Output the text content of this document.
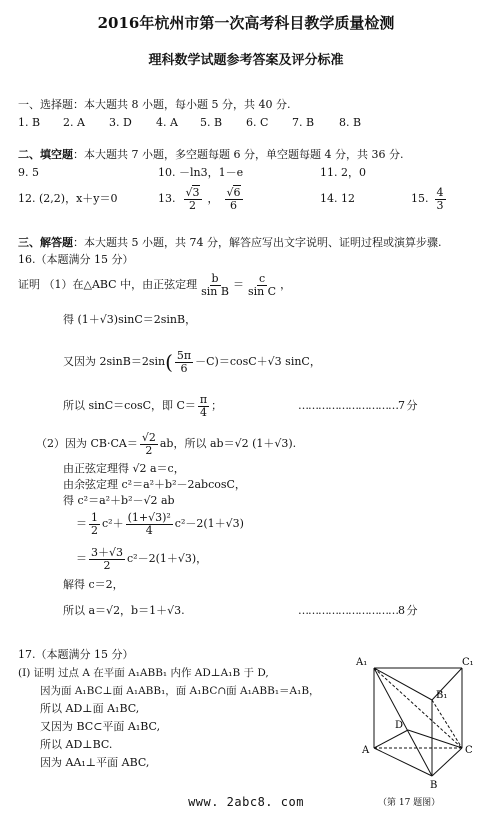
2016年杭州市第一次高考科目教学质量检测
理科数学试题参考答案及评分标准
一、选择题：本大题共 8 小题，每小题 5 分，共 40 分.
1. B 2. A 3. D 4. A 5. B 6. C 7. B 8. B
二、填空题：本大题共 7 小题，多空题每题 6 分，单空题每题 4 分，共 36 分.
9. 5	10. －ln3，1－e	11. 2，0
12. (2,2)，x＋y＝0	13. $\frac{√3}{2}$ ， $\frac{√6}{6}$	14. 12	15. $\frac{4}{3}$
三、解答题：本大题共 5 小题，共 74 分，解答应写出文字说明、证明过程或演算步骤.
16.（本题满分 15 分）
证明 （1）在△ABC 中，由正弦定理 $\frac{b}{\text{sin B}} = \frac{c}{\text{sin C}}$ ，
得 (1＋√3)sinC＝2sinB，
又因为 2sinB＝2sin ( $\frac{5\pi}{6} -C)=\cos C+√3$ sinC，
所以 sinC＝cosC，即 $C= \frac{\pi}{4}$ ；	…………………………7 分
（2）因为 $CB\cdot CA= \frac{√2}{2}$ ab，所以 ab＝√2 (1＋√3).
由正弦定理得 √2 a＝c，
由余弦定理 c²＝a²＋b²－2abcosC，
得 c²＝a²＋b²－√2 ab
＝ $\frac{1}{2} c^2+ \frac{\text{(1+√3)²}}{4} c^2-2(1+√3)$
＝ $\frac{3+√3}{2} c^2-2(1+√3)$，
解得 c＝2，
所以 a＝√2，b＝1＋√3.	…………………………8 分
17.（本题满分 15 分）
(Ⅰ) 证明 过点 A 在平面 A₁ABB₁ 内作 AD⊥A₁B 于 D,
因为面 A₁BC⊥面 A₁ABB₁，面 A₁BC∩面 A₁ABB₁＝A₁B，
所以 AD⊥面 A₁BC,
又因为 BC⊂平面 A₁BC,
所以 AD⊥BC.
因为 AA₁⊥平面 ABC,
A₁	C₁
B₁
D
A	C
B
（第 17 题图）
www. 2abc8. com
